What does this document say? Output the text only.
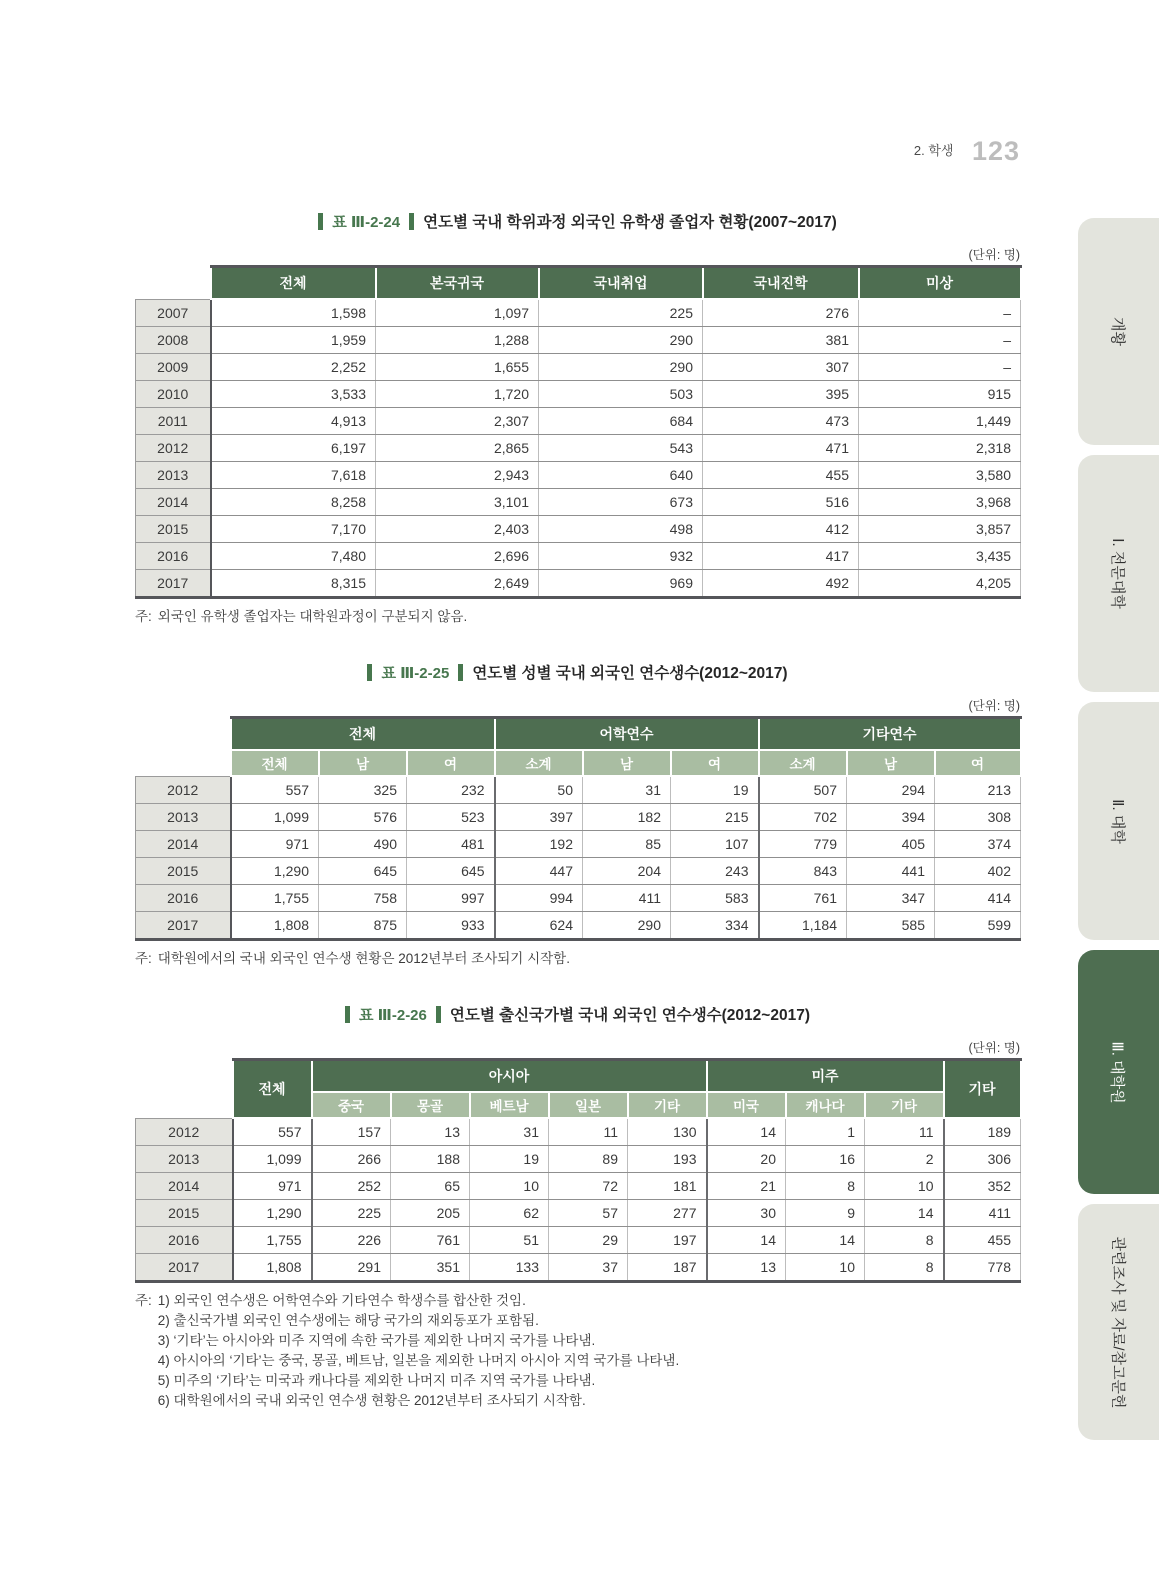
2. 학생 123
표 Ⅲ-2-24 연도별 국내 학위과정 외국인 유학생 졸업자 현황(2007~2017)
(단위: 명)
	전체	본국귀국	국내취업	국내진학	미상
2007	1,598	1,097	225	276	–
2008	1,959	1,288	290	381	–
2009	2,252	1,655	290	307	–
2010	3,533	1,720	503	395	915
2011	4,913	2,307	684	473	1,449
2012	6,197	2,865	543	471	2,318
2013	7,618	2,943	640	455	3,580
2014	8,258	3,101	673	516	3,968
2015	7,170	2,403	498	412	3,857
2016	7,480	2,696	932	417	3,435
2017	8,315	2,649	969	492	4,205
주: 외국인 유학생 졸업자는 대학원과정이 구분되지 않음.
표 Ⅲ-2-25 연도별 성별 국내 외국인 연수생수(2012~2017)
(단위: 명)
	전체			어학연수			기타연수		
	전체	남	여	소계	남	여	소계	남	여
2012	557	325	232	50	31	19	507	294	213
2013	1,099	576	523	397	182	215	702	394	308
2014	971	490	481	192	85	107	779	405	374
2015	1,290	645	645	447	204	243	843	441	402
2016	1,755	758	997	994	411	583	761	347	414
2017	1,808	875	933	624	290	334	1,184	585	599
주: 대학원에서의 국내 외국인 연수생 현황은 2012년부터 조사되기 시작함.
표 Ⅲ-2-26 연도별 출신국가별 국내 외국인 연수생수(2012~2017)
(단위: 명)
	전체	아시아					미주			기타
		중국	몽골	베트남	일본	기타	미국	캐나다	기타	
2012	557	157	13	31	11	130	14	1	11	189
2013	1,099	266	188	19	89	193	20	16	2	306
2014	971	252	65	10	72	181	21	8	10	352
2015	1,290	225	205	62	57	277	30	9	14	411
2016	1,755	226	761	51	29	197	14	14	8	455
2017	1,808	291	351	133	37	187	13	10	8	778
주: 1) 외국인 연수생은 어학연수와 기타연수 학생수를 합산한 것임.
2) 출신국가별 외국인 연수생에는 해당 국가의 재외동포가 포함됨.
3) ‘기타’는 아시아와 미주 지역에 속한 국가를 제외한 나머지 국가를 나타냄.
4) 아시아의 ‘기타’는 중국, 몽골, 베트남, 일본을 제외한 나머지 아시아 지역 국가를 나타냄.
5) 미주의 ‘기타’는 미국과 캐나다를 제외한 나머지 미주 지역 국가를 나타냄.
6) 대학원에서의 국내 외국인 연수생 현황은 2012년부터 조사되기 시작함.
개황
Ⅰ. 전문대학
Ⅱ. 대학
Ⅲ. 대학원
관련조사 및 자료/참고문헌
